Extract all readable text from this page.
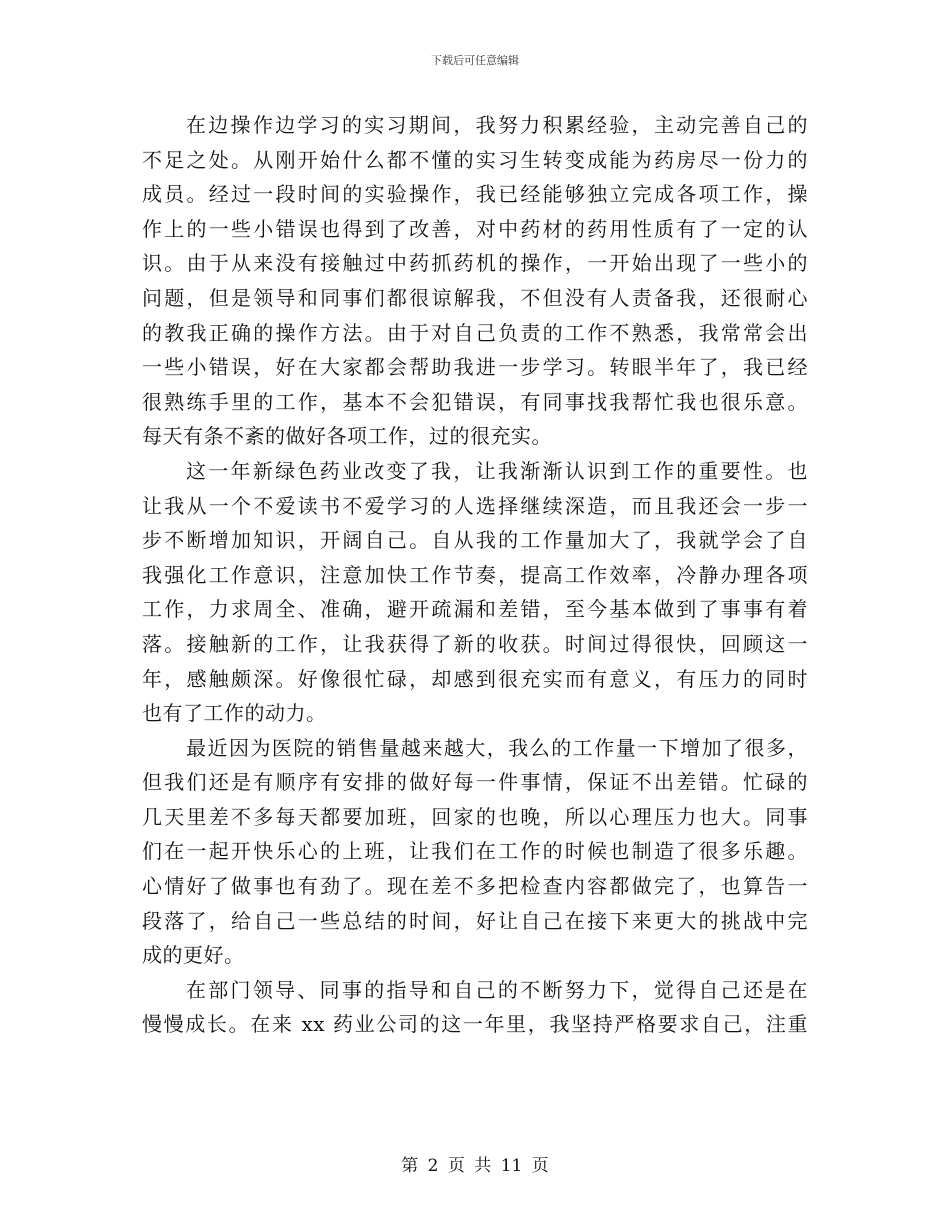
下载后可任意编辑
在边操作边学习的实习期间，我努力积累经验，主动完善自己的
不足之处。从刚开始什么都不懂的实习生转变成能为药房尽一份力的
成员。经过一段时间的实验操作，我已经能够独立完成各项工作，操
作上的一些小错误也得到了改善，对中药材的药用性质有了一定的认
识。由于从来没有接触过中药抓药机的操作，一开始出现了一些小的
问题，但是领导和同事们都很谅解我，不但没有人责备我，还很耐心
的教我正确的操作方法。由于对自己负责的工作不熟悉，我常常会出
一些小错误，好在大家都会帮助我进一步学习。转眼半年了，我已经
很熟练手里的工作，基本不会犯错误，有同事找我帮忙我也很乐意。
每天有条不紊的做好各项工作，过的很充实。
这一年新绿色药业改变了我，让我渐渐认识到工作的重要性。也
让我从一个不爱读书不爱学习的人选择继续深造，而且我还会一步一
步不断增加知识，开阔自己。自从我的工作量加大了，我就学会了自
我强化工作意识，注意加快工作节奏，提高工作效率，冷静办理各项
工作，力求周全、准确，避开疏漏和差错，至今基本做到了事事有着
落。接触新的工作，让我获得了新的收获。时间过得很快，回顾这一
年，感触颇深。好像很忙碌，却感到很充实而有意义，有压力的同时
也有了工作的动力。
最近因为医院的销售量越来越大，我么的工作量一下增加了很多，
但我们还是有顺序有安排的做好每一件事情，保证不出差错。忙碌的
几天里差不多每天都要加班，回家的也晚，所以心理压力也大。同事
们在一起开快乐心的上班，让我们在工作的时候也制造了很多乐趣。
心情好了做事也有劲了。现在差不多把检查内容都做完了，也算告一
段落了，给自己一些总结的时间，好让自己在接下来更大的挑战中完
成的更好。
在部门领导、同事的指导和自己的不断努力下，觉得自己还是在
慢慢成长。在来 xx 药业公司的这一年里，我坚持严格要求自己，注重
第 2 页 共 11 页
